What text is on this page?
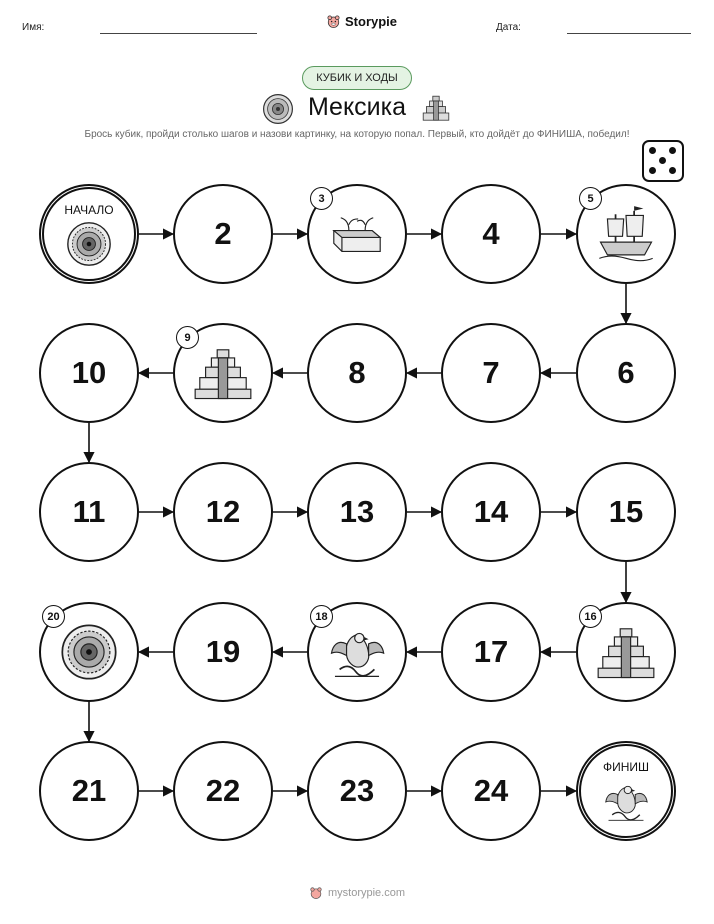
Имя:	Storypie	Дата:
КУБИК И ХОДЫ
Мексика
Брось кубик, пройди столько шагов и назови картинку, на которую попал. Первый, кто дойдёт до ФИНИША, победил!
НАЧАЛО
2
3
4
5
6
7
8
9
10
11	12	13	14	15
16
17
18
19
20
21	22	23	24
ФИНИШ
mystorypie.com
